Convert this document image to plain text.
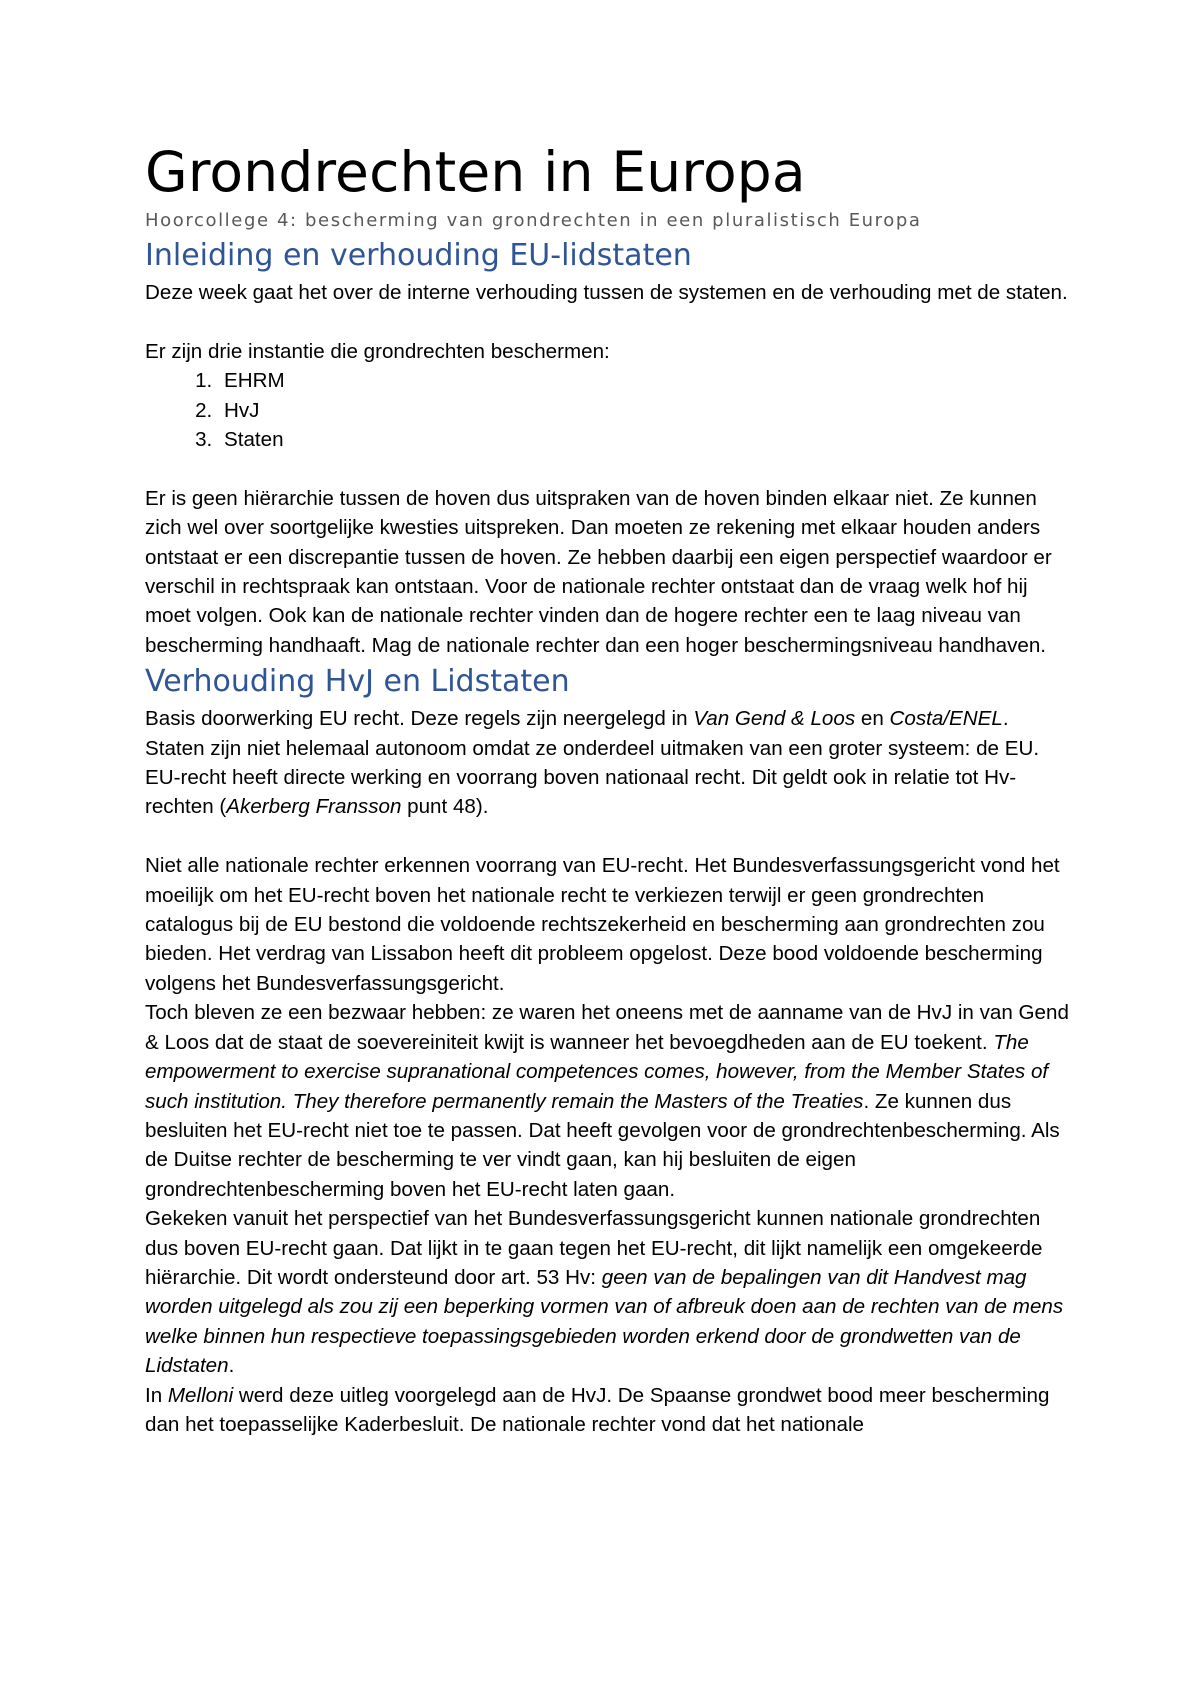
Grondrechten in Europa
Hoorcollege 4: bescherming van grondrechten in een pluralistisch Europa
Inleiding en verhouding EU-lidstaten

Deze week gaat het over de interne verhouding tussen de systemen en de verhouding met de staten.

Er zijn drie instantie die grondrechten beschermen:

1. EHRM
2. HvJ
3. Staten

Er is geen hiërarchie tussen de hoven dus uitspraken van de hoven binden elkaar niet. Ze kunnen zich wel over soortgelijke kwesties uitspreken. Dan moeten ze rekening met elkaar houden anders ontstaat er een discrepantie tussen de hoven. Ze hebben daarbij een eigen perspectief waardoor er verschil in rechtspraak kan ontstaan. Voor de nationale rechter ontstaat dan de vraag welk hof hij moet volgen. Ook kan de nationale rechter vinden dan de hogere rechter een te laag niveau van bescherming handhaaft. Mag de nationale rechter dan een hoger beschermingsniveau handhaven.

Verhouding HvJ en Lidstaten

Basis doorwerking EU recht. Deze regels zijn neergelegd in Van Gend & Loos en Costa/ENEL. Staten zijn niet helemaal autonoom omdat ze onderdeel uitmaken van een groter systeem: de EU. EU-recht heeft directe werking en voorrang boven nationaal recht. Dit geldt ook in relatie tot Hv-rechten (Akerberg Fransson punt 48).

Niet alle nationale rechter erkennen voorrang van EU-recht. Het Bundesverfassungsgericht vond het moeilijk om het EU-recht boven het nationale recht te verkiezen terwijl er geen grondrechten catalogus bij de EU bestond die voldoende rechtszekerheid en bescherming aan grondrechten zou bieden. Het verdrag van Lissabon heeft dit probleem opgelost. Deze bood voldoende bescherming volgens het Bundesverfassungsgericht.

Toch bleven ze een bezwaar hebben: ze waren het oneens met de aanname van de HvJ in van Gend & Loos dat de staat de soevereiniteit kwijt is wanneer het bevoegdheden aan de EU toekent. The empowerment to exercise supranational competences comes, however, from the Member States of such institution. They therefore permanently remain the Masters of the Treaties. Ze kunnen dus besluiten het EU-recht niet toe te passen. Dat heeft gevolgen voor de grondrechtenbescherming. Als de Duitse rechter de bescherming te ver vindt gaan, kan hij besluiten de eigen grondrechtenbescherming boven het EU-recht laten gaan.

Gekeken vanuit het perspectief van het Bundesverfassungsgericht kunnen nationale grondrechten dus boven EU-recht gaan. Dat lijkt in te gaan tegen het EU-recht, dit lijkt namelijk een omgekeerde hiërarchie. Dit wordt ondersteund door art. 53 Hv: geen van de bepalingen van dit Handvest mag worden uitgelegd als zou zij een beperking vormen van of afbreuk doen aan de rechten van de mens welke binnen hun respectieve toepassingsgebieden worden erkend door de grondwetten van de Lidstaten.

In Melloni werd deze uitleg voorgelegd aan de HvJ. De Spaanse grondwet bood meer bescherming dan het toepasselijke Kaderbesluit. De nationale rechter vond dat het nationale
